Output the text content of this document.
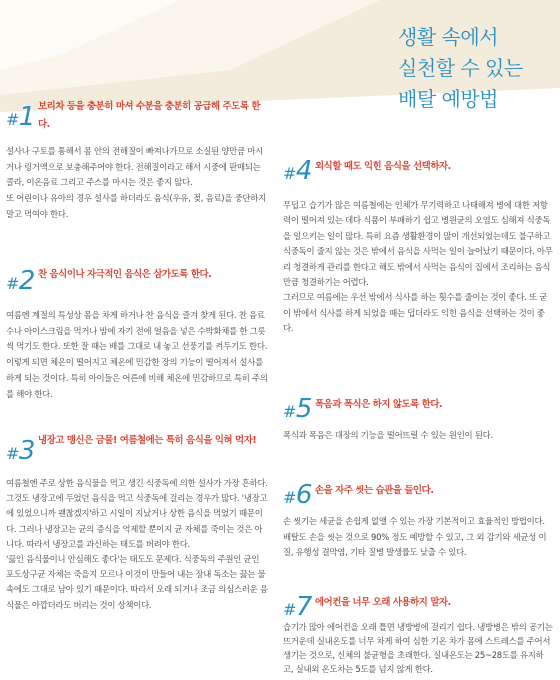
생활 속에서
실천할 수 있는
배탈 예방법
#1 보리차 등을 충분히 마셔 수분을 충분히 공급해 주도록 한다.

설사나 구토를 통해서 몸 안의 전해질이 빠져나가므로 소실된 양만큼 마시거나 링거액으로 보충해주어야 한다. 전해질이라고 해서 시중에 판매되는 콜라, 이온음료 그리고 주스를 마시는 것은 좋지 않다.

또 어린이나 유아의 경우 설사를 하더라도 음식(우유, 젖, 음료)을 중단하지 말고 먹여야 한다.

#2 찬 음식이나 자극적인 음식은 삼가도록 한다.

여름엔 계절의 특성상 몸을 차게 하거나 찬 음식을 즐겨 찾게 된다. 찬 음료수나 아이스크림을 먹거나 밤에 자기 전에 얼음을 넣은 수박화채를 한 그릇씩 먹기도 한다. 또한 잘 때는 배를 그대로 내 놓고 선풍기를 켜두기도 한다. 이렇게 되면 체온이 떨어지고 체온에 민감한 장의 기능이 떨어져서 설사를 하게 되는 것이다. 특히 아이들은 어른에 비해 체온에 민감하므로 특히 주의를 해야 한다.

#3 냉장고 맹신은 금물! 여름철에는 특히 음식을 익혀 먹자!

여름철엔 주로 상한 음식물을 먹고 생긴 식중독에 의한 설사가 가장 흔하다. 그것도 냉장고에 두었던 음식을 먹고 식중독에 걸리는 경우가 많다. '냉장고에 있었으니까 괜찮겠지'하고 시일이 지났거나 상한 음식을 먹었기 때문이다. 그러나 냉장고는 균의 증식을 억제할 뿐이지 균 자체를 죽이는 것은 아니다. 따라서 냉장고를 과신하는 태도를 버려야 한다.

'끓인 음식물이니 안심해도 좋다'는 태도도 문제다. 식중독의 주원인 균인 포도상구균 자체는 죽을지 모르나 이것이 만들어 내는 장내 독소는 끓는 물속에도 그대로 남아 있기 때문이다. 따라서 오래 되거나 조금 의심스러운 음식물은 아깝더라도 버리는 것이 상책이다.

#4 외식할 때도 익힌 음식을 선택하자.

무덥고 습기가 많은 여름철에는 인체가 무기력하고 나태해져 병에 대한 저항력이 떨어져 있는 데다 식품이 부패하기 쉽고 병원균의 오염도 심해져 식중독을 일으키는 일이 많다. 특히 요즘 생활환경이 많이 개선되었는데도 불구하고 식중독이 줄지 않는 것은 밖에서 음식을 사먹는 일이 늘어났기 때문이다. 아무리 청결하게 관리를 한다고 해도 밖에서 사먹는 음식이 집에서 조리하는 음식만큼 청결하기는 어렵다.

그러므로 여름에는 우선 밖에서 식사를 하는 횟수를 줄이는 것이 좋다. 또 굳이 밖에서 식사를 하게 되었을 때는 덥더라도 익힌 음식을 선택하는 것이 좋다.

#5 폭음과 폭식은 하지 않도록 한다.

폭식과 폭음은 대장의 기능을 떨어뜨릴 수 있는 원인이 된다.

#6 손을 자주 씻는 습관을 들인다.

손 씻기는 세균을 손쉽게 없앨 수 있는 가장 기본적이고 효율적인 방법이다. 배탈도 손을 씻는 것으로 90% 정도 예방할 수 있고, 그 외 감기와 세균성 이질, 유행성 결막염, 기타 질병 발생률도 낮출 수 있다.

#7 에어컨을 너무 오래 사용하지 말자.

습기가 많아 에어컨을 오래 틀면 냉방병에 걸리기 쉽다. 냉방병은 밖의 공기는 뜨거운데 실내온도를 너무 차게 하여 심한 기온 차가 몸에 스트레스를 주어서 생기는 것으로, 신체의 불균형을 초래한다. 실내온도는 25~28도를 유지하고, 실내외 온도차는 5도를 넘지 않게 한다.
